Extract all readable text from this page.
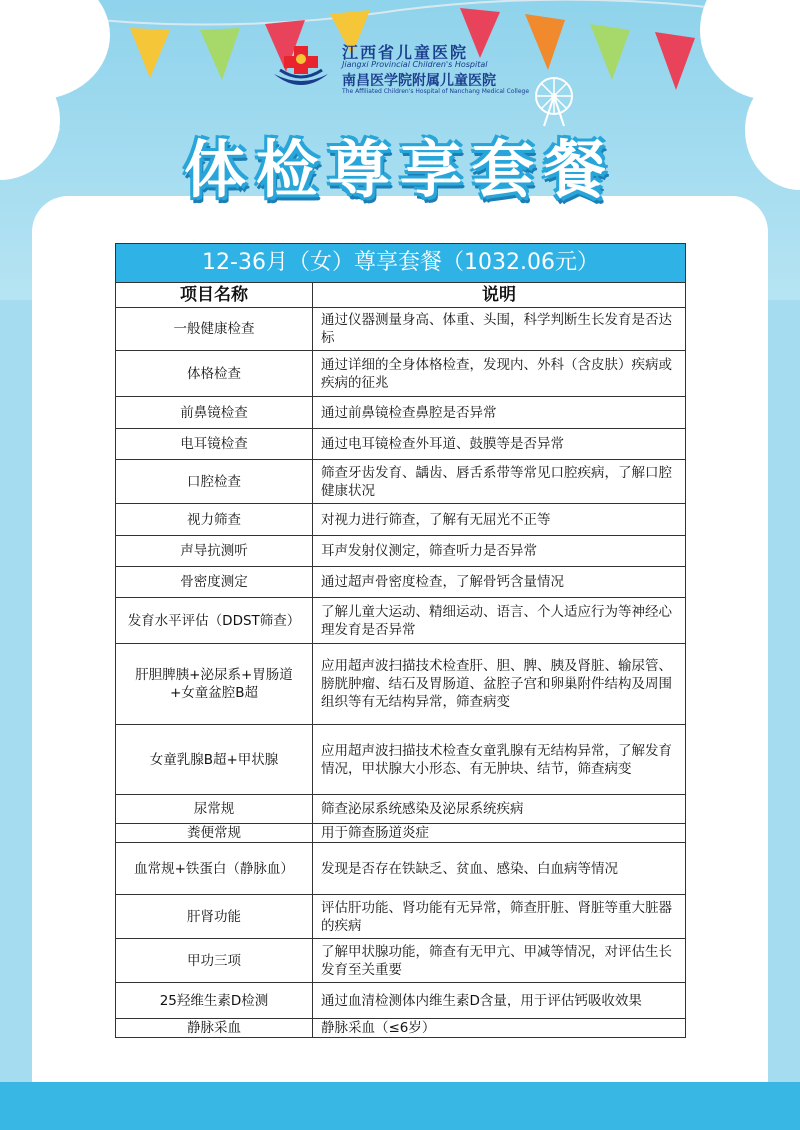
江西省儿童医院
Jiangxi Provincial Children's Hospital
南昌医学院附属儿童医院
The Affiliated Children's Hospital of Nanchang Medical College
体检尊享套餐
12-36月（女）尊享套餐（1032.06元）	
项目名称	说明
一般健康检查	通过仪器测量身高、体重、头围，科学判断生长发育是否达标
体格检查	通过详细的全身体格检查，发现内、外科（含皮肤）疾病或疾病的征兆
前鼻镜检查	通过前鼻镜检查鼻腔是否异常
电耳镜检查	通过电耳镜检查外耳道、鼓膜等是否异常
口腔检查	筛查牙齿发育、龋齿、唇舌系带等常见口腔疾病，了解口腔健康状况
视力筛查	对视力进行筛查，了解有无屈光不正等
声导抗测听	耳声发射仪测定，筛查听力是否异常
骨密度测定	通过超声骨密度检查，了解骨钙含量情况
发育水平评估（DDST筛查）	了解儿童大运动、精细运动、语言、个人适应行为等神经心理发育是否异常
肝胆脾胰+泌尿系+胃肠道+女童盆腔B超	应用超声波扫描技术检查肝、胆、脾、胰及肾脏、输尿管、膀胱肿瘤、结石及胃肠道、盆腔子宫和卵巢附件结构及周围组织等有无结构异常，筛查病变
女童乳腺B超+甲状腺	应用超声波扫描技术检查女童乳腺有无结构异常，了解发育情况，甲状腺大小形态、有无肿块、结节，筛查病变
尿常规	筛查泌尿系统感染及泌尿系统疾病
粪便常规	用于筛查肠道炎症
血常规+铁蛋白（静脉血）	发现是否存在铁缺乏、贫血、感染、白血病等情况
肝肾功能	评估肝功能、肾功能有无异常，筛查肝脏、肾脏等重大脏器的疾病
甲功三项	了解甲状腺功能，筛查有无甲亢、甲减等情况，对评估生长发育至关重要
25羟维生素D检测	通过血清检测体内维生素D含量，用于评估钙吸收效果
静脉采血	静脉采血（≤6岁）
